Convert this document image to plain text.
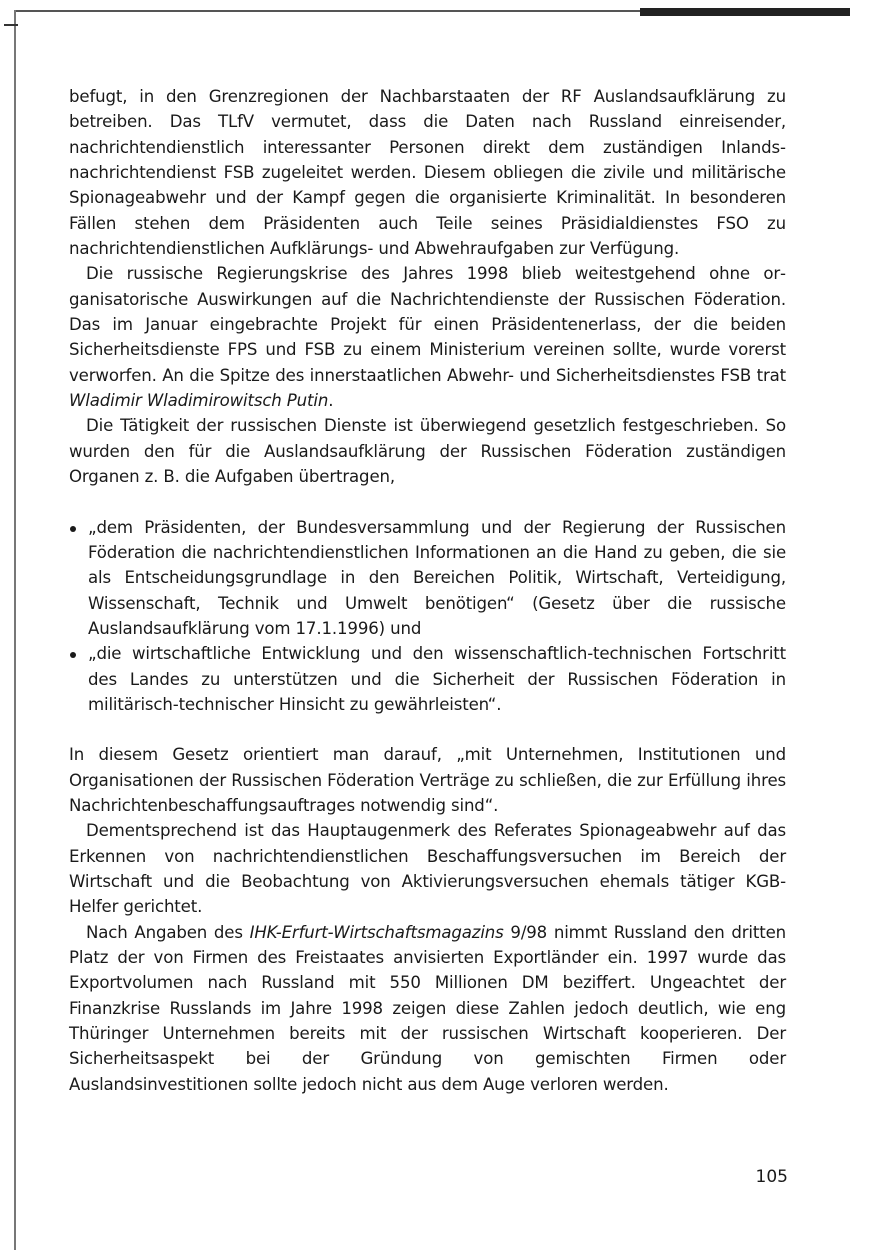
befugt, in den Grenzregionen der Nachbarstaaten der RF Auslandsaufklärung zu betreiben. Das TLfV vermutet, dass die Daten nach Russland einreisender, nachrichtendienstlich interessanter Personen direkt dem zuständigen Inlandsnachrichtendienst FSB zugeleitet werden. Diesem obliegen die zivile und militärische Spionageabwehr und der Kampf gegen die organisierte Kriminalität. In besonderen Fällen stehen dem Präsidenten auch Teile seines Präsidialdienstes FSO zu nachrichtendienstlichen Aufklärungs- und Abwehraufgaben zur Verfügung.

Die russische Regierungskrise des Jahres 1998 blieb weitestgehend ohne organisatorische Auswirkungen auf die Nachrichtendienste der Russischen Föderation. Das im Januar eingebrachte Projekt für einen Präsidentenerlass, der die beiden Sicherheitsdienste FPS und FSB zu einem Ministerium vereinen sollte, wurde vorerst verworfen. An die Spitze des innerstaatlichen Abwehr- und Sicherheitsdienstes FSB trat Wladimir Wladimirowitsch Putin.

Die Tätigkeit der russischen Dienste ist überwiegend gesetzlich festgeschrieben. So wurden den für die Auslandsaufklärung der Russischen Föderation zuständigen Organen z. B. die Aufgaben übertragen,

„dem Präsidenten, der Bundesversammlung und der Regierung der Russischen Föderation die nachrichtendienstlichen Informationen an die Hand zu geben, die sie als Entscheidungsgrundlage in den Bereichen Politik, Wirtschaft, Verteidigung, Wissenschaft, Technik und Umwelt benötigen“ (Gesetz über die russische Auslandsaufklärung vom 17.1.1996) und
„die wirtschaftliche Entwicklung und den wissenschaftlich-technischen Fortschritt des Landes zu unterstützen und die Sicherheit der Russischen Föderation in militärisch-technischer Hinsicht zu gewährleisten“.

In diesem Gesetz orientiert man darauf, „mit Unternehmen, Institutionen und Organisationen der Russischen Föderation Verträge zu schließen, die zur Erfüllung ihres Nachrichtenbeschaffungsauftrages notwendig sind“.

Dementsprechend ist das Hauptaugenmerk des Referates Spionageabwehr auf das Erkennen von nachrichtendienstlichen Beschaffungsversuchen im Bereich der Wirtschaft und die Beobachtung von Aktivierungsversuchen ehemals tätiger KGB-Helfer gerichtet.

Nach Angaben des IHK-Erfurt-Wirtschaftsmagazins 9/98 nimmt Russland den dritten Platz der von Firmen des Freistaates anvisierten Exportländer ein. 1997 wurde das Exportvolumen nach Russland mit 550 Millionen DM beziffert. Ungeachtet der Finanzkrise Russlands im Jahre 1998 zeigen diese Zahlen jedoch deutlich, wie eng Thüringer Unternehmen bereits mit der russischen Wirtschaft kooperieren. Der Sicherheitsaspekt bei der Gründung von gemischten Firmen oder Auslandsinvestitionen sollte jedoch nicht aus dem Auge verloren werden.

105
